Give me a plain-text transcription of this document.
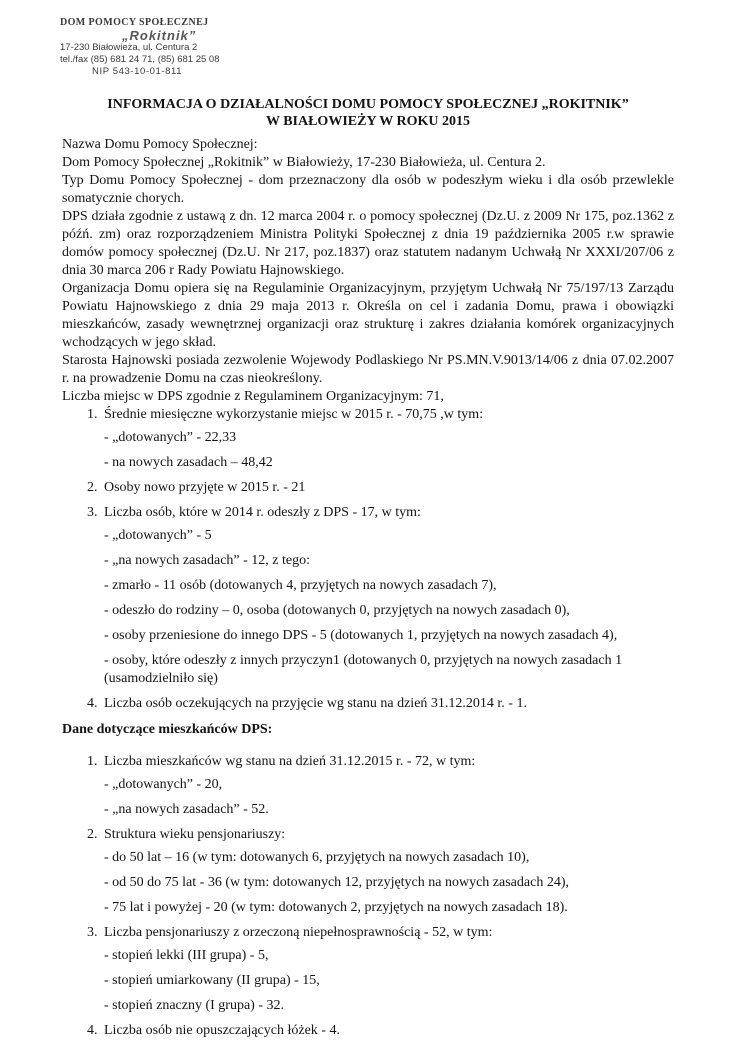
DOM POMOCY SPOŁECZNEJ
„Rokitnik”
17-230 Białowieża, ul. Centura 2
tel./fax (85) 681 24 71, (85) 681 25 08
NIP 543-10-01-811
INFORMACJA O DZIAŁALNOŚCI DOMU POMOCY SPOŁECZNEJ „ROKITNIK”
W BIAŁOWIEŻY W ROKU 2015

Nazwa Domu Pomocy Społecznej:

Dom Pomocy Społecznej „Rokitnik” w Białowieży, 17-230 Białowieża, ul. Centura 2.

Typ Domu Pomocy Społecznej - dom przeznaczony dla osób w podeszłym wieku i dla osób przewlekle somatycznie chorych.

DPS działa zgodnie z ustawą z dn. 12 marca 2004 r. o pomocy społecznej (Dz.U. z 2009 Nr 175, poz.1362 z późń. zm) oraz rozporządzeniem Ministra Polityki Społecznej z dnia 19 października 2005 r.w sprawie domów pomocy społecznej (Dz.U. Nr 217, poz.1837) oraz statutem nadanym Uchwałą Nr XXXI/207/06 z dnia 30 marca 206 r Rady Powiatu Hajnowskiego.

Organizacja Domu opiera się na Regulaminie Organizacyjnym, przyjętym Uchwałą Nr 75/197/13 Zarządu Powiatu Hajnowskiego z dnia 29 maja 2013 r. Określa on cel i zadania Domu, prawa i obowiązki mieszkańców, zasady wewnętrznej organizacji oraz strukturę i zakres działania komórek organizacyjnych wchodzących w jego skład.

Starosta Hajnowski posiada zezwolenie Wojewody Podlaskiego Nr PS.MN.V.9013/14/06 z dnia 07.02.2007 r. na prowadzenie Domu na czas nieokreślony.

Liczba miejsc w DPS zgodnie z Regulaminem Organizacyjnym: 71,

1. Średnie miesięczne wykorzystanie miejsc w 2015 r. - 70,75 ,w tym:
- „dotowanych” - 22,33
- na nowych zasadach – 48,42
2. Osoby nowo przyjęte w 2015 r. - 21
3. Liczba osób, które w 2014 r. odeszły z DPS - 17, w tym:
- „dotowanych” - 5
- „na nowych zasadach” - 12, z tego:
- zmarło - 11 osób (dotowanych 4, przyjętych na nowych zasadach 7),
- odeszło do rodziny – 0, osoba (dotowanych 0, przyjętych na nowych zasadach 0),
- osoby przeniesione do innego DPS - 5 (dotowanych 1, przyjętych na nowych zasadach 4),
- osoby, które odeszły z innych przyczyn1 (dotowanych 0, przyjętych na nowych zasadach 1 (usamodzielniło się)
4. Liczba osób oczekujących na przyjęcie wg stanu na dzień 31.12.2014 r. - 1.
Dane dotyczące mieszkańców DPS:
1. Liczba mieszkańców wg stanu na dzień 31.12.2015 r. - 72, w tym:
- „dotowanych” - 20,
- „na nowych zasadach” - 52.
2. Struktura wieku pensjonariuszy:
- do 50 lat – 16 (w tym: dotowanych 6, przyjętych na nowych zasadach 10),
- od 50 do 75 lat - 36 (w tym: dotowanych 12, przyjętych na nowych zasadach 24),
- 75 lat i powyżej - 20 (w tym: dotowanych 2, przyjętych na nowych zasadach 18).
3. Liczba pensjonariuszy z orzeczoną niepełnosprawnością - 52, w tym:
- stopień lekki (III grupa) - 5,
- stopień umiarkowany (II grupa) - 15,
- stopień znaczny (I grupa) - 32.
4. Liczba osób nie opuszczających łóżek - 4.
